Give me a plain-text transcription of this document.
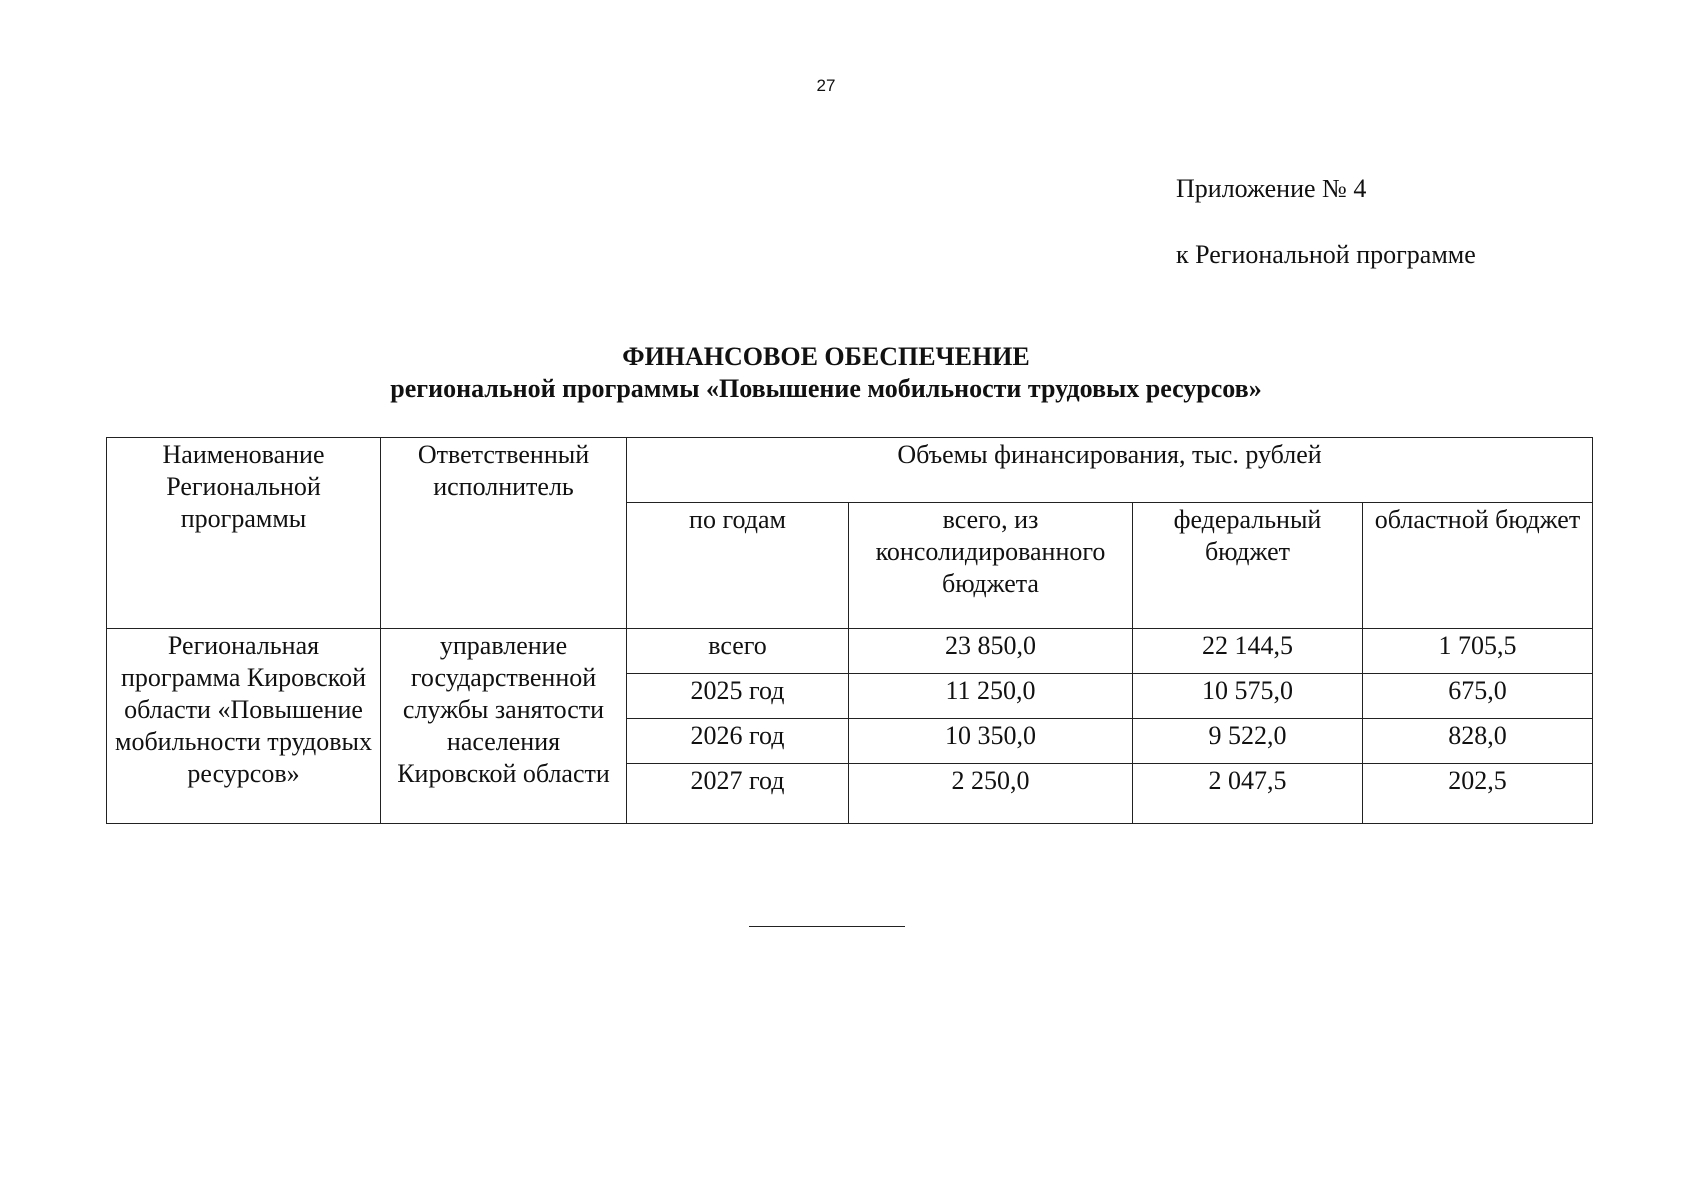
27
Приложение № 4
к Региональной программе
ФИНАНСОВОЕ ОБЕСПЕЧЕНИЕ
региональной программы «Повышение мобильности трудовых ресурсов»
Наименование Региональной программы	Ответственный исполнитель	Объемы финансирования, тыс. рублей			
		по годам	всего, из консолидированного бюджета	федеральный бюджет	областной бюджет
Региональная программа Кировской области «Повышение мобильности трудовых ресурсов»	управление государственной службы занятости населения Кировской области	всего	23 850,0	22 144,5	1 705,5
		2025 год	11 250,0	10 575,0	675,0
		2026 год	10 350,0	9 522,0	828,0
		2027 год	2 250,0	2 047,5	202,5
